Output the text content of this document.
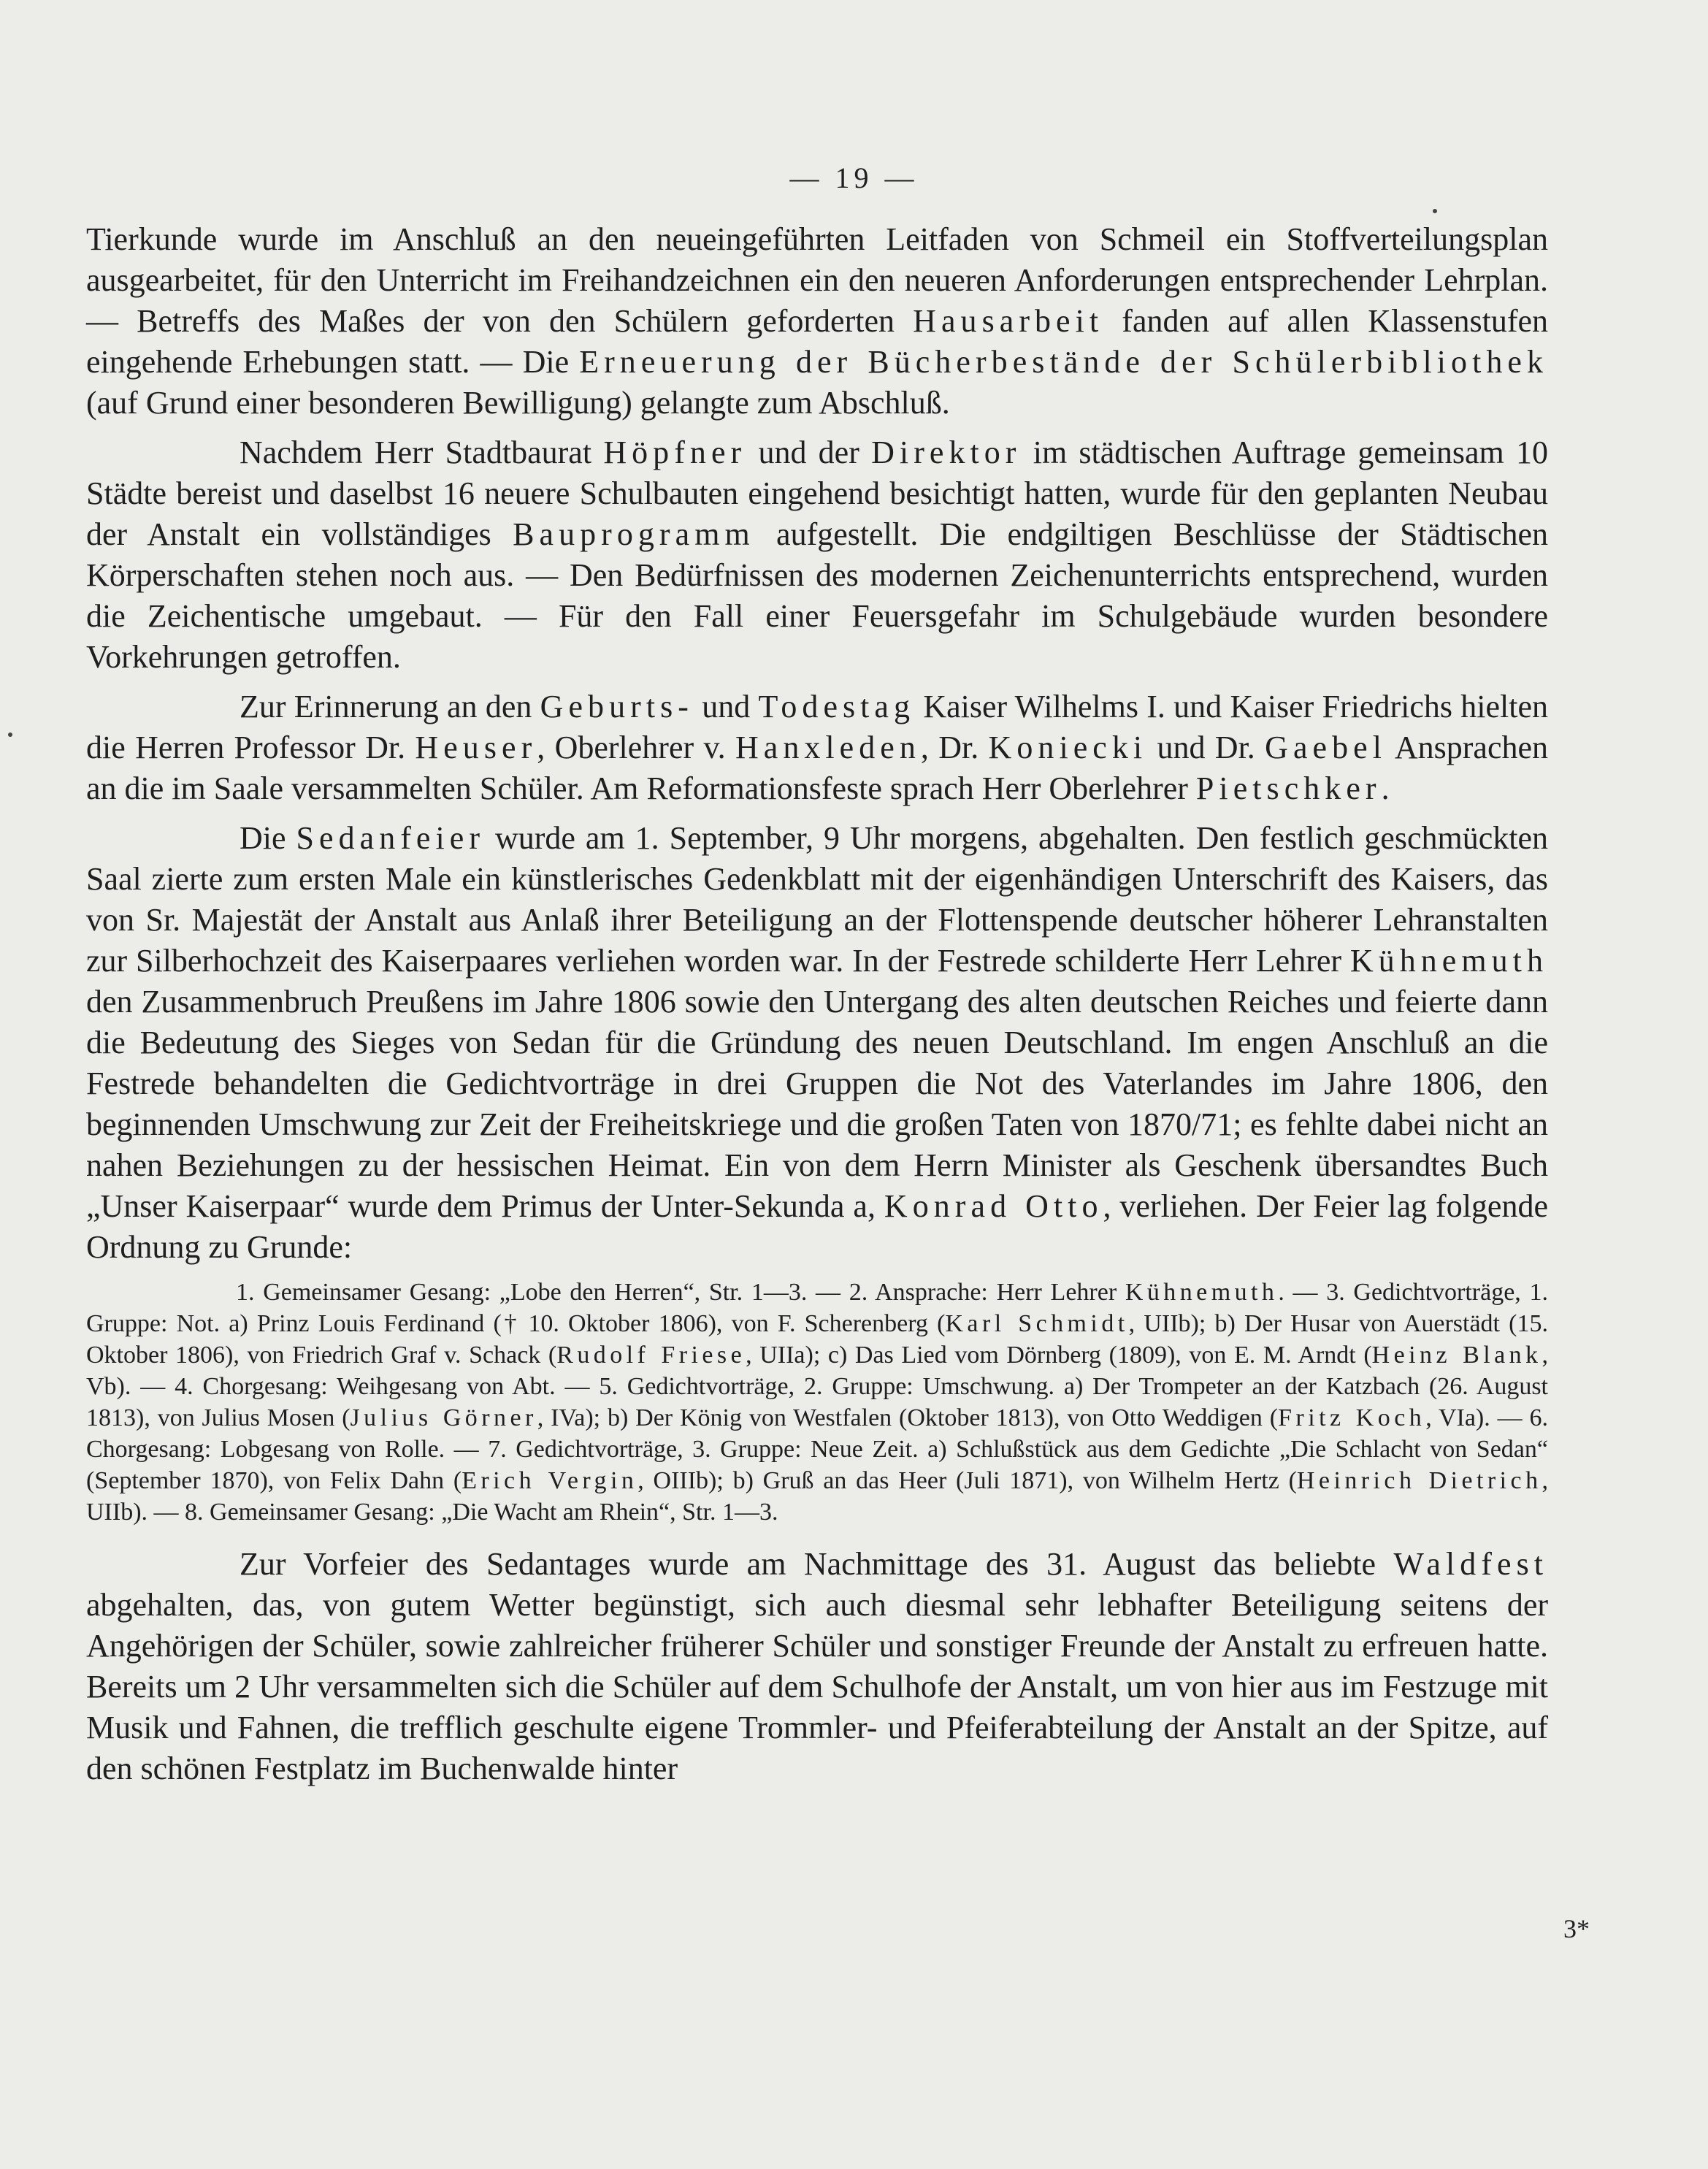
— 19 —

Tierkunde wurde im Anschluß an den neueingeführten Leitfaden von Schmeil ein Stoffverteilungsplan ausgearbeitet, für den Unterricht im Freihandzeichnen ein den neueren Anforderungen entsprechender Lehrplan. — Betreffs des Maßes der von den Schülern geforderten Hausarbeit fanden auf allen Klassenstufen eingehende Erhebungen statt. — Die Erneuerung der Bücherbestände der Schülerbibliothek (auf Grund einer besonderen Bewilligung) gelangte zum Abschluß.

Nachdem Herr Stadtbaurat Höpfner und der Direktor im städtischen Auftrage gemeinsam 10 Städte bereist und daselbst 16 neuere Schulbauten eingehend besichtigt hatten, wurde für den geplanten Neubau der Anstalt ein vollständiges Bauprogramm aufgestellt. Die endgiltigen Beschlüsse der Städtischen Körperschaften stehen noch aus. — Den Bedürfnissen des modernen Zeichenunterrichts entsprechend, wurden die Zeichentische umgebaut. — Für den Fall einer Feuersgefahr im Schulgebäude wurden besondere Vorkehrungen getroffen.

Zur Erinnerung an den Geburts- und Todestag Kaiser Wilhelms I. und Kaiser Friedrichs hielten die Herren Professor Dr. Heuser, Oberlehrer v. Hanxleden, Dr. Koniecki und Dr. Gaebel Ansprachen an die im Saale versammelten Schüler. Am Reformationsfeste sprach Herr Oberlehrer Pietschker.

Die Sedanfeier wurde am 1. September, 9 Uhr morgens, abgehalten. Den festlich geschmückten Saal zierte zum ersten Male ein künstlerisches Gedenkblatt mit der eigenhändigen Unterschrift des Kaisers, das von Sr. Majestät der Anstalt aus Anlaß ihrer Beteiligung an der Flottenspende deutscher höherer Lehranstalten zur Silberhochzeit des Kaiserpaares verliehen worden war. In der Festrede schilderte Herr Lehrer Kühnemuth den Zusammenbruch Preußens im Jahre 1806 sowie den Untergang des alten deutschen Reiches und feierte dann die Bedeutung des Sieges von Sedan für die Gründung des neuen Deutschland. Im engen Anschluß an die Festrede behandelten die Gedichtvorträge in drei Gruppen die Not des Vaterlandes im Jahre 1806, den beginnenden Umschwung zur Zeit der Freiheitskriege und die großen Taten von 1870/71; es fehlte dabei nicht an nahen Beziehungen zu der hessischen Heimat. Ein von dem Herrn Minister als Geschenk übersandtes Buch „Unser Kaiserpaar“ wurde dem Primus der Unter-Sekunda a, Konrad Otto, verliehen. Der Feier lag folgende Ordnung zu Grunde:

1. Gemeinsamer Gesang: „Lobe den Herren“, Str. 1—3. — 2. Ansprache: Herr Lehrer Kühnemuth. — 3. Gedichtvorträge, 1. Gruppe: Not. a) Prinz Louis Ferdinand († 10. Oktober 1806), von F. Scherenberg (Karl Schmidt, UIIb); b) Der Husar von Auerstädt (15. Oktober 1806), von Friedrich Graf v. Schack (Rudolf Friese, UIIa); c) Das Lied vom Dörnberg (1809), von E. M. Arndt (Heinz Blank, Vb). — 4. Chorgesang: Weihgesang von Abt. — 5. Gedichtvorträge, 2. Gruppe: Umschwung. a) Der Trompeter an der Katzbach (26. August 1813), von Julius Mosen (Julius Görner, IVa); b) Der König von Westfalen (Oktober 1813), von Otto Weddigen (Fritz Koch, VIa). — 6. Chorgesang: Lobgesang von Rolle. — 7. Gedichtvorträge, 3. Gruppe: Neue Zeit. a) Schlußstück aus dem Gedichte „Die Schlacht von Sedan“ (September 1870), von Felix Dahn (Erich Vergin, OIIIb); b) Gruß an das Heer (Juli 1871), von Wilhelm Hertz (Heinrich Dietrich, UIIb). — 8. Gemeinsamer Gesang: „Die Wacht am Rhein“, Str. 1—3.

Zur Vorfeier des Sedantages wurde am Nachmittage des 31. August das beliebte Waldfest abgehalten, das, von gutem Wetter begünstigt, sich auch diesmal sehr lebhafter Beteiligung seitens der Angehörigen der Schüler, sowie zahlreicher früherer Schüler und sonstiger Freunde der Anstalt zu erfreuen hatte. Bereits um 2 Uhr versammelten sich die Schüler auf dem Schulhofe der Anstalt, um von hier aus im Festzuge mit Musik und Fahnen, die trefflich geschulte eigene Trommler- und Pfeiferabteilung der Anstalt an der Spitze, auf den schönen Festplatz im Buchenwalde hinter

3*
